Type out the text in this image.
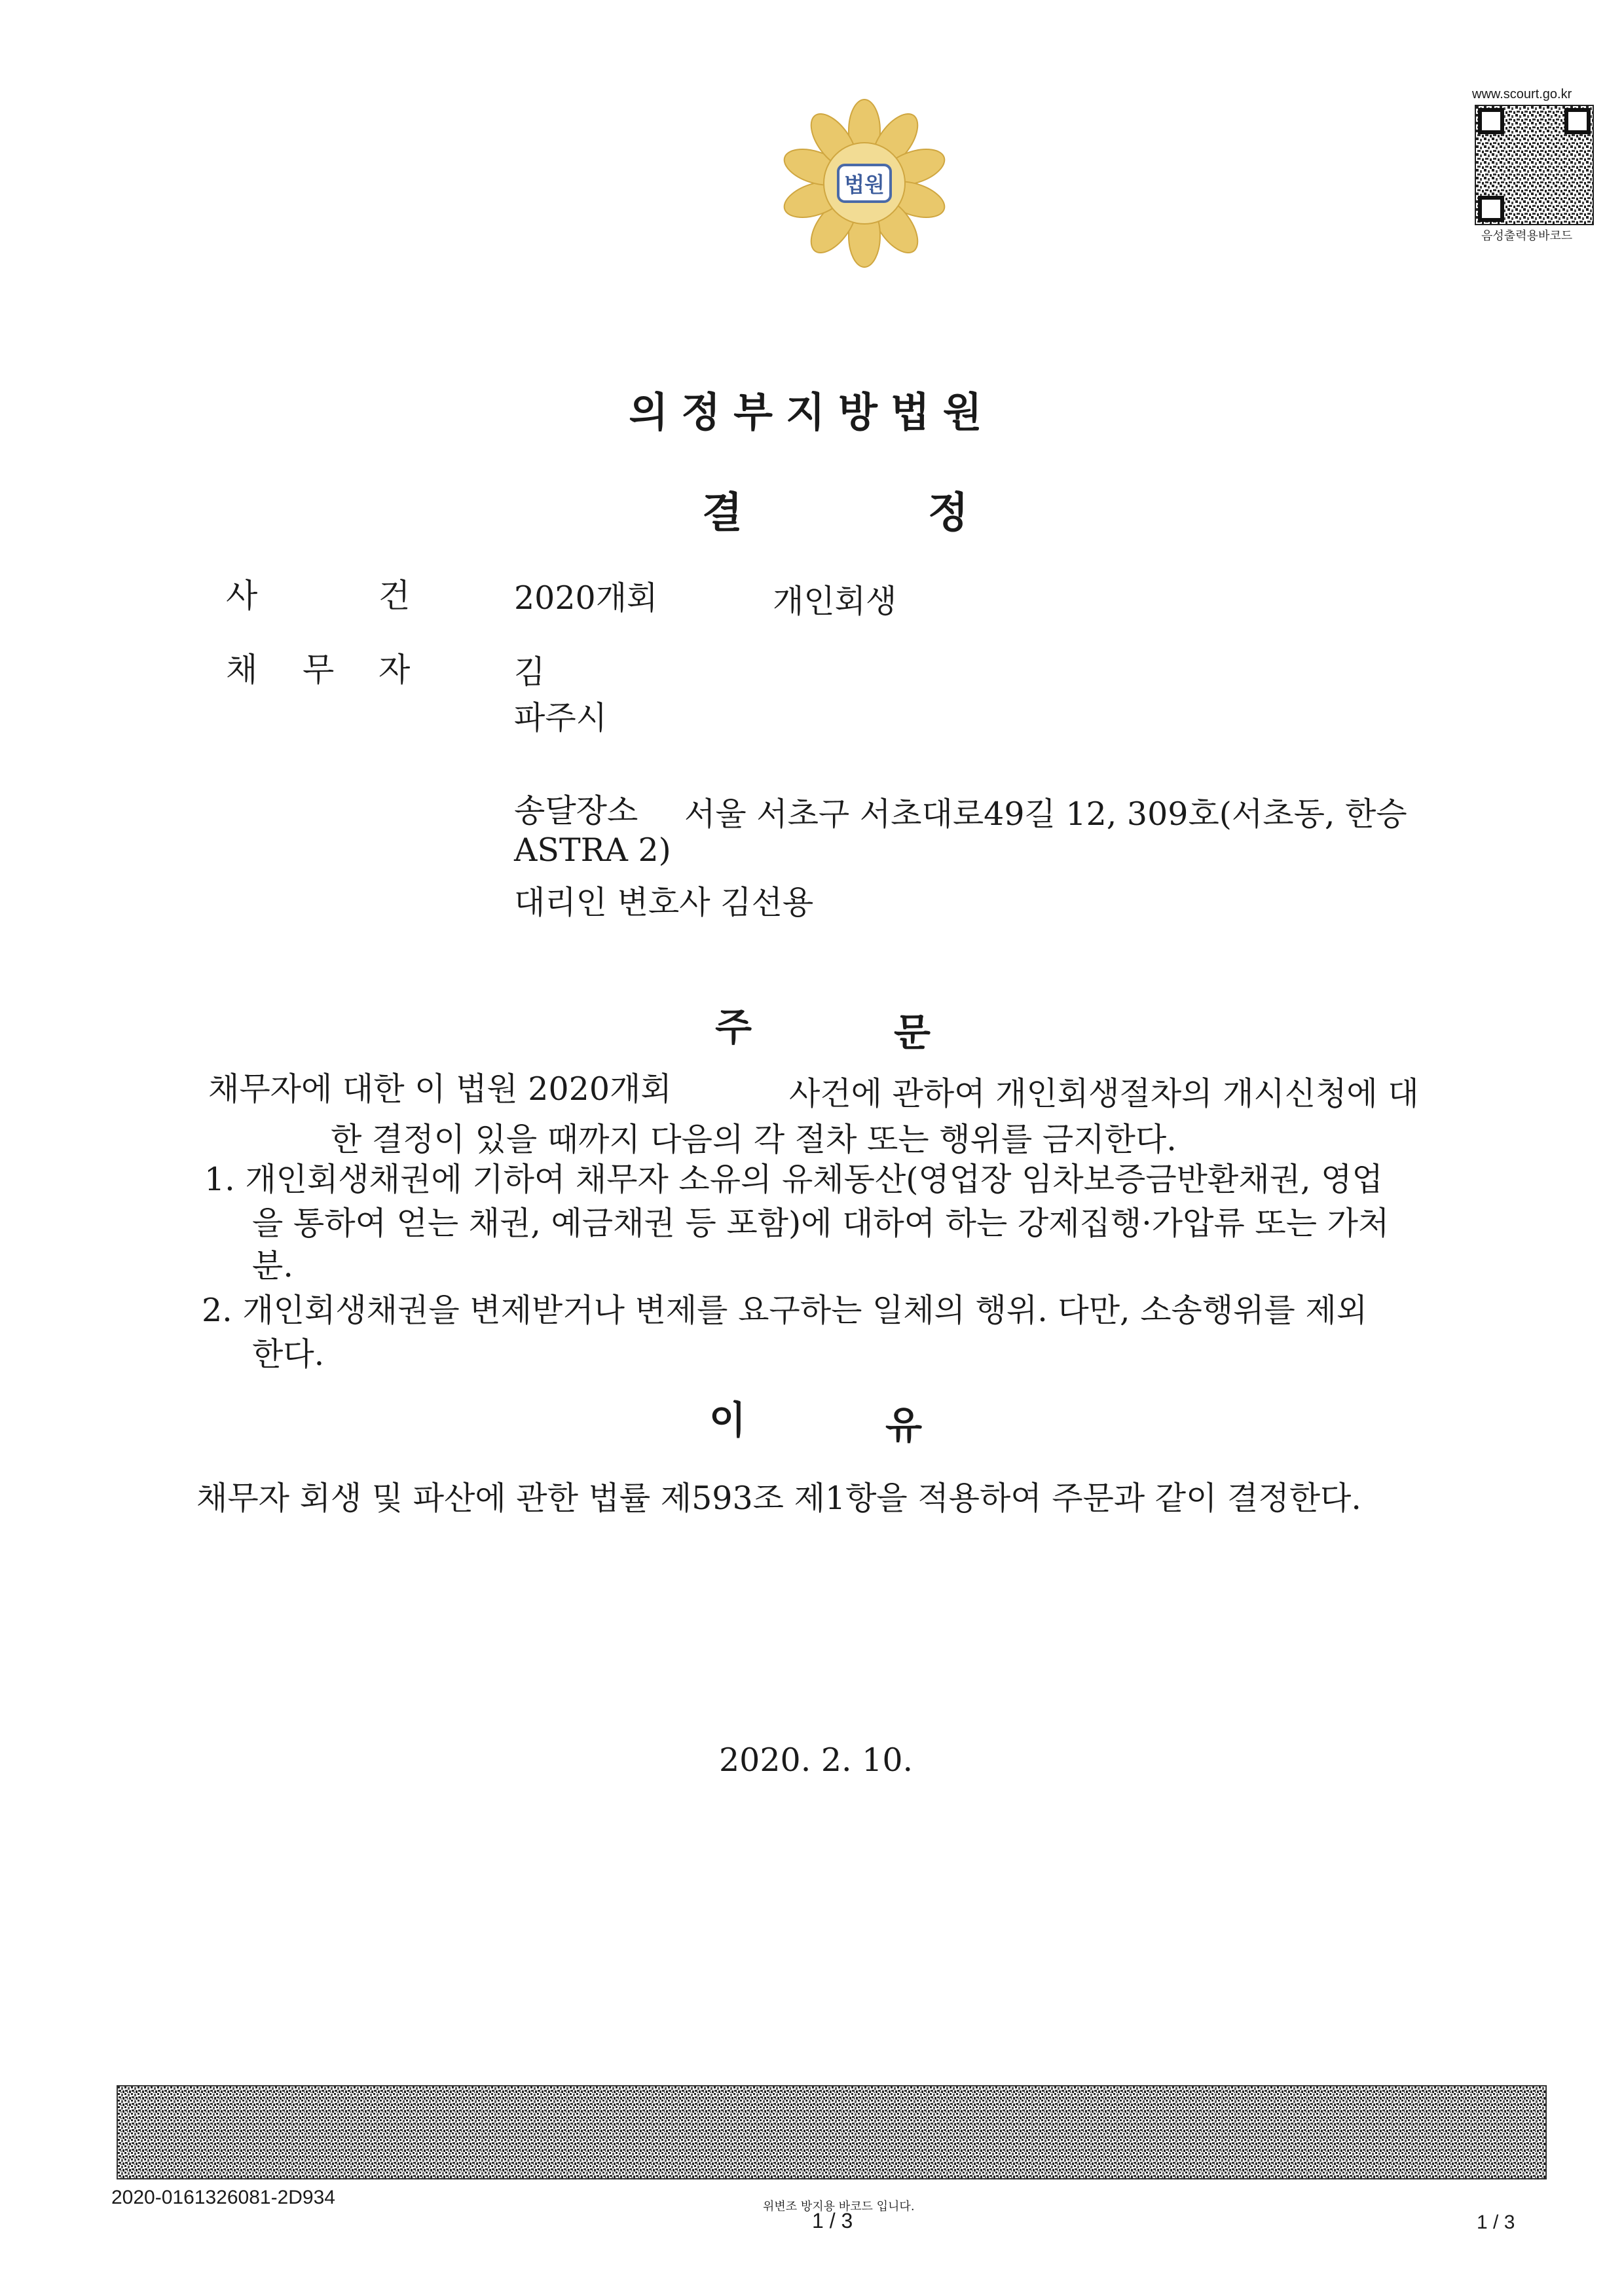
법원
www.scourt.go.kr
음성출력용바코드
의정부지방법원
결	정
사	건	2020개회	개인회생
채 무 자	김
파주시
송달장소 서울 서초구 서초대로49길 12, 309호(서초동, 한승
ASTRA 2)
대리인 변호사 김선용
주	문
채무자에 대한 이 법원 2020개회	사건에 관하여 개인회생절차의 개시신청에 대
한 결정이 있을 때까지 다음의 각 절차 또는 행위를 금지한다.
1. 개인회생채권에 기하여 채무자 소유의 유체동산(영업장 임차보증금반환채권, 영업
을 통하여 얻는 채권, 예금채권 등 포함)에 대하여 하는 강제집행·가압류 또는 가처
분.
2. 개인회생채권을 변제받거나 변제를 요구하는 일체의 행위. 다만, 소송행위를 제외
한다.
이	유
채무자 회생 및 파산에 관한 법률 제593조 제1항을 적용하여 주문과 같이 결정한다.
2020. 2. 10.
2020-0161326081-2D934	위변조 방지용 바코드 입니다.
1 / 3	1 / 3
